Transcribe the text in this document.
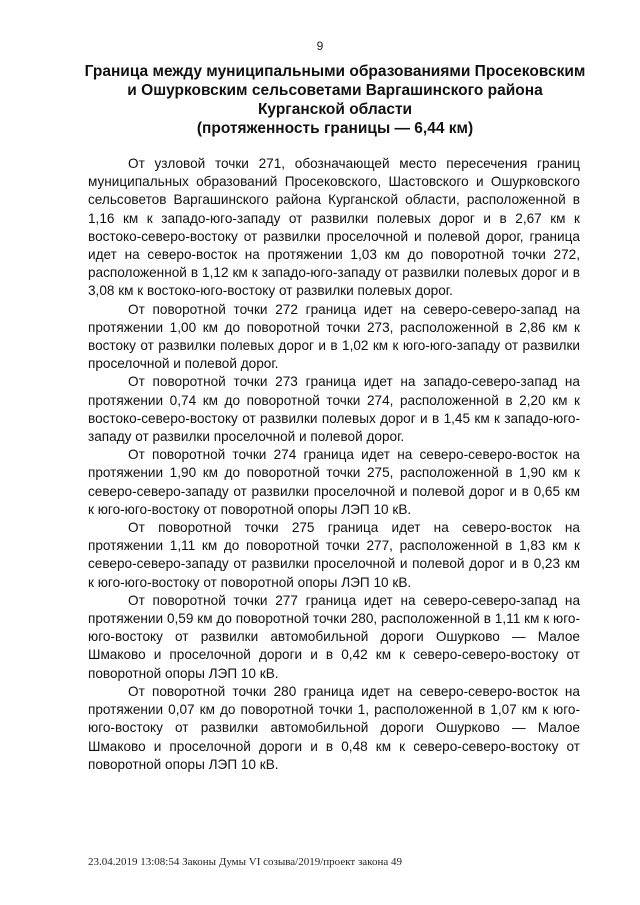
9
Граница между муниципальными образованиями Просековским
и Ошурковским сельсоветами Варгашинского района
Курганской области
(протяженность границы — 6,44 км)

От узловой точки 271, обозначающей место пересечения границ муниципальных образований Просековского, Шастовского и Ошурковского сельсоветов Варгашинского района Курганской области, расположенной в 1,16 км к западо-юго-западу от развилки полевых дорог и в 2,67 км к востоко-северо-востоку от развилки проселочной и полевой дорог, граница идет на северо-восток на протяжении 1,03 км до поворотной точки 272, расположенной в 1,12 км к западо-юго-западу от развилки полевых дорог и в 3,08 км к востоко-юго-востоку от развилки полевых дорог.

От поворотной точки 272 граница идет на северо-северо-запад на протяжении 1,00 км до поворотной точки 273, расположенной в 2,86 км к востоку от развилки полевых дорог и в 1,02 км к юго-юго-западу от развилки проселочной и полевой дорог.

От поворотной точки 273 граница идет на западо-северо-запад на протяжении 0,74 км до поворотной точки 274, расположенной в 2,20 км к востоко-северо-востоку от развилки полевых дорог и в 1,45 км к западо-юго-западу от развилки проселочной и полевой дорог.

От поворотной точки 274 граница идет на северо-северо-восток на протяжении 1,90 км до поворотной точки 275, расположенной в 1,90 км к северо-северо-западу от развилки проселочной и полевой дорог и в 0,65 км к юго-юго-востоку от поворотной опоры ЛЭП 10 кВ.

От поворотной точки 275 граница идет на северо-восток на протяжении 1,11 км до поворотной точки 277, расположенной в 1,83 км к северо-северо-западу от развилки проселочной и полевой дорог и в 0,23 км к юго-юго-востоку от поворотной опоры ЛЭП 10 кВ.

От поворотной точки 277 граница идет на северо-северо-запад на протяжении 0,59 км до поворотной точки 280, расположенной в 1,11 км к юго-юго-востоку от развилки автомобильной дороги Ошурково — Малое Шмаково и проселочной дороги и в 0,42 км к северо-северо-востоку от поворотной опоры ЛЭП 10 кВ.

От поворотной точки 280 граница идет на северо-северо-восток на протяжении 0,07 км до поворотной точки 1, расположенной в 1,07 км к юго-юго-востоку от развилки автомобильной дороги Ошурково — Малое Шмаково и проселочной дороги и в 0,48 км к северо-северо-востоку от поворотной опоры ЛЭП 10 кВ.

23.04.2019 13:08:54 Законы Думы VI созыва/2019/проект закона 49
